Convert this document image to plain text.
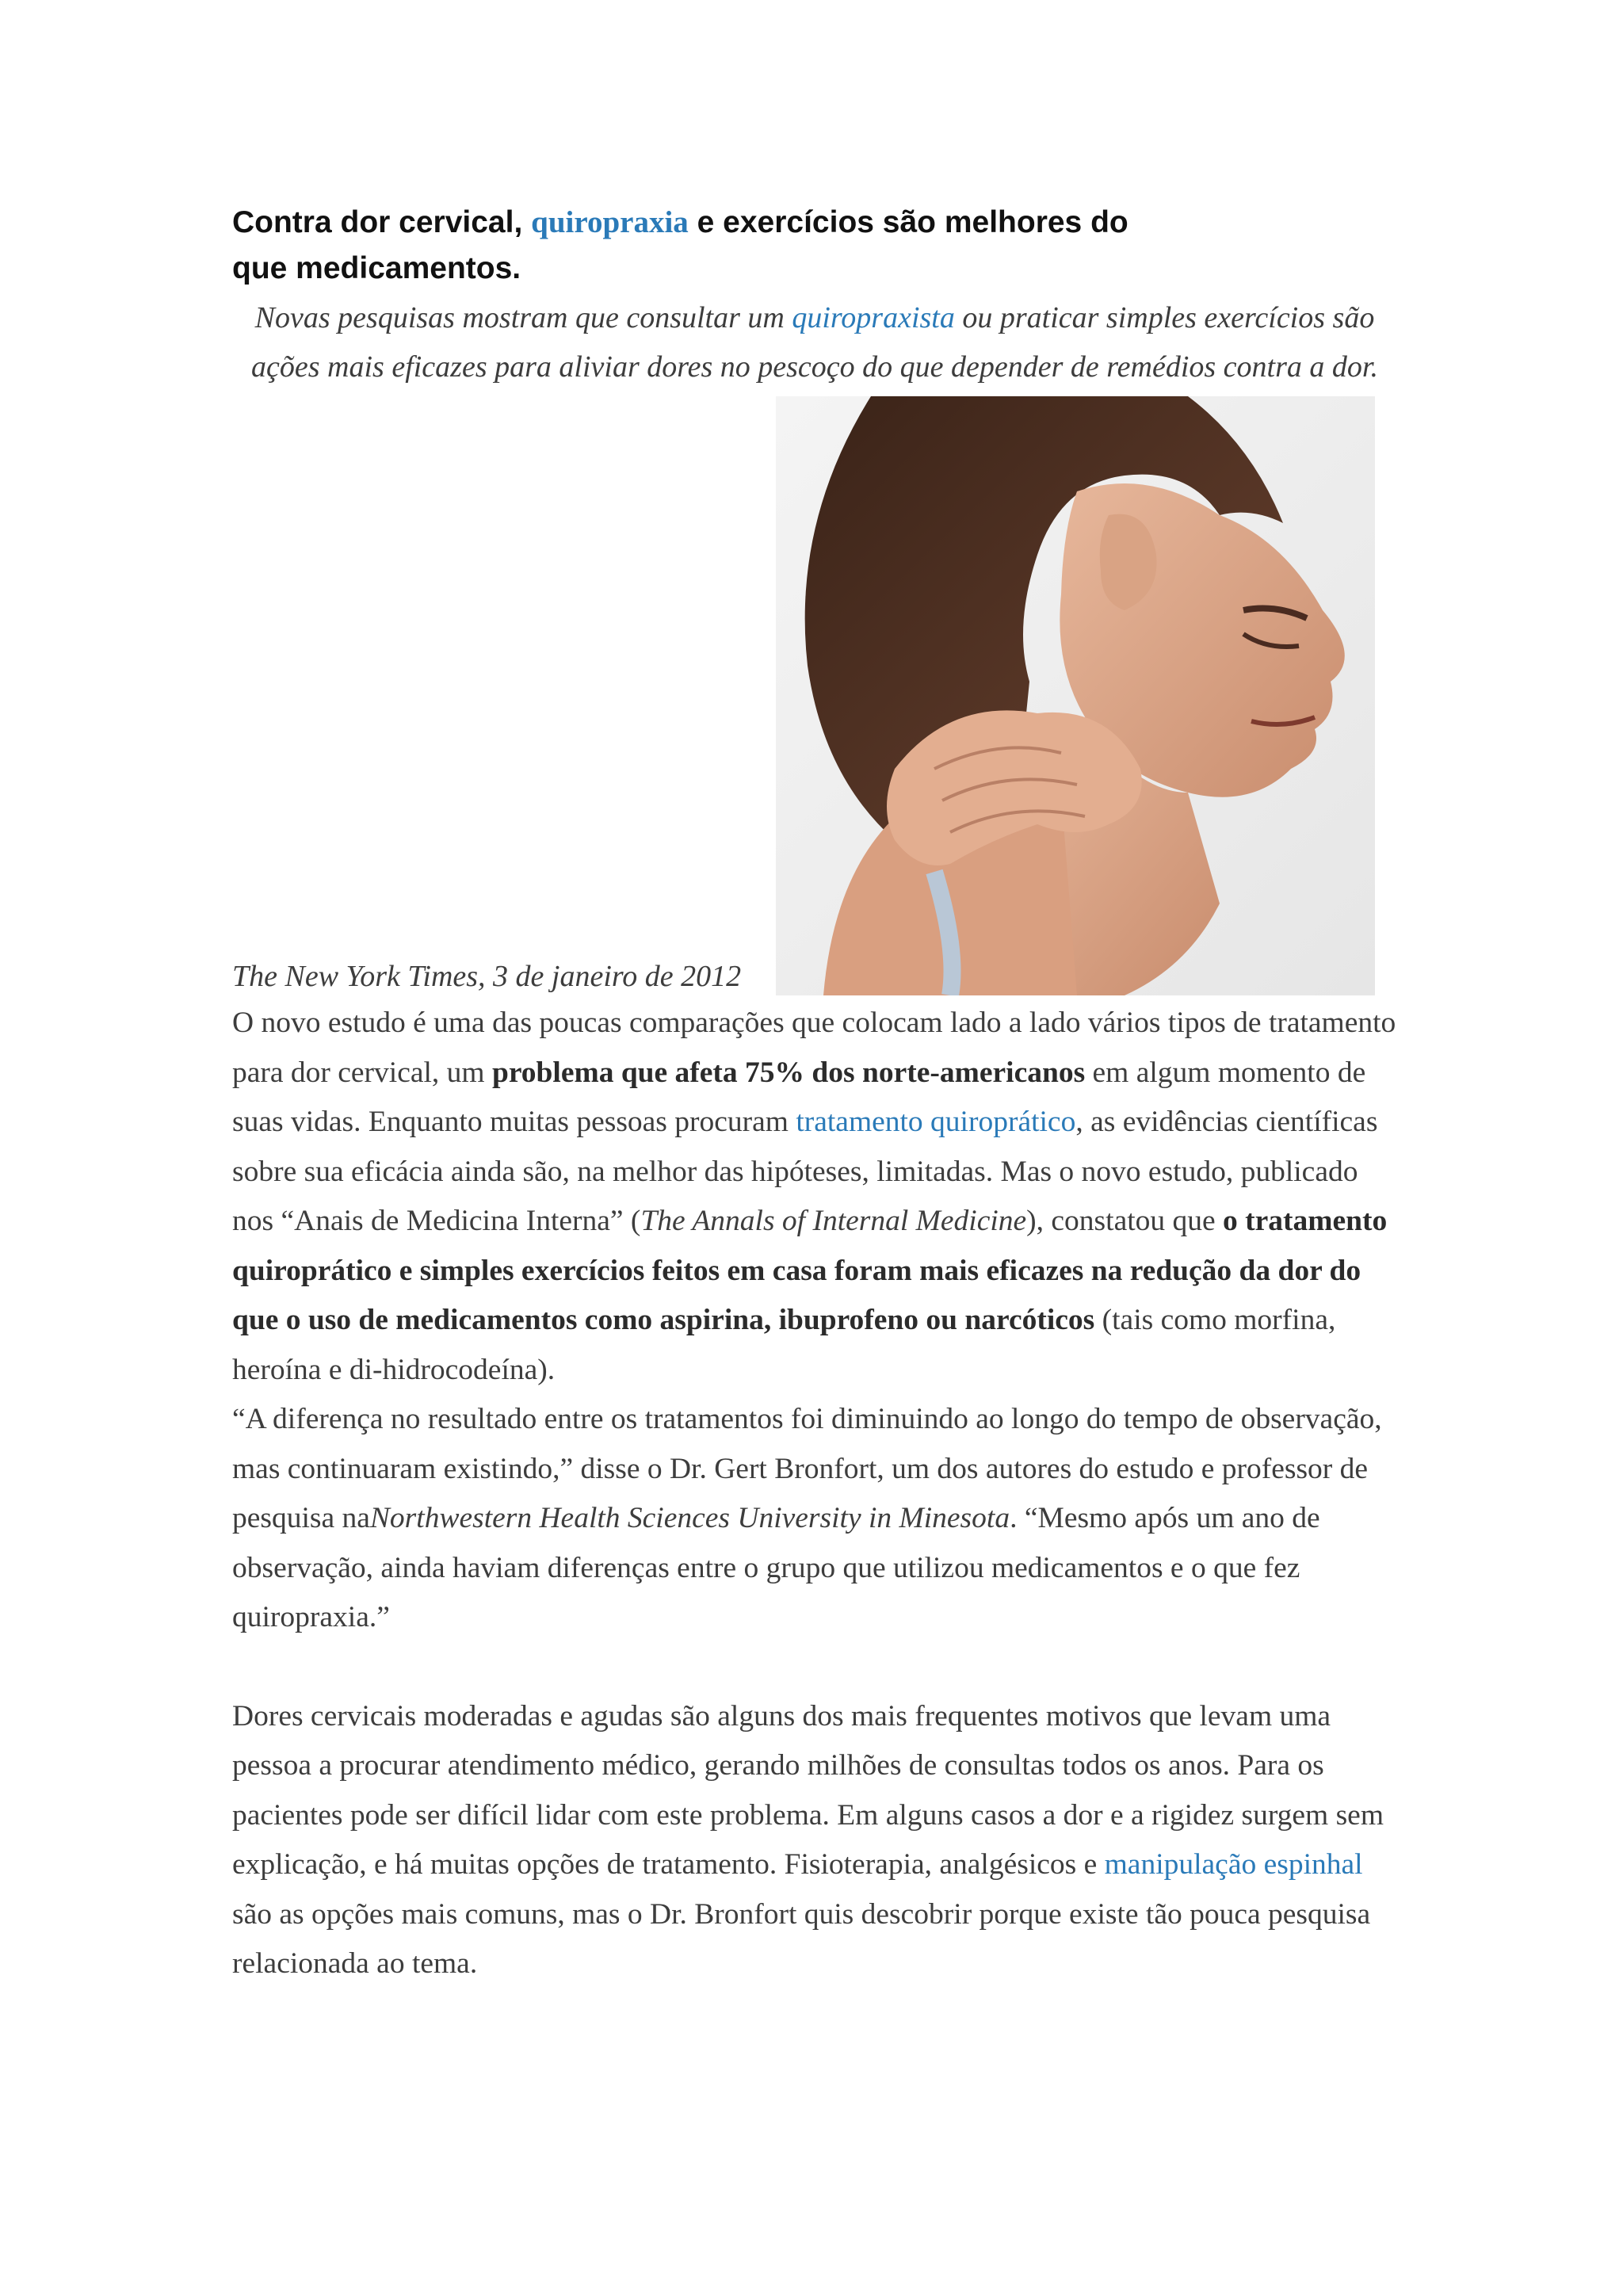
Contra dor cervical, quiropraxia e exercícios são melhores do que medicamentos.

Novas pesquisas mostram que consultar um quiropraxista ou praticar simples exercícios são ações mais eficazes para aliviar dores no pescoço do que depender de remédios contra a dor.

The New York Times, 3 de janeiro de 2012

O novo estudo é uma das poucas comparações que colocam lado a lado vários tipos de tratamento para dor cervical, um problema que afeta 75% dos norte-americanos em algum momento de suas vidas. Enquanto muitas pessoas procuram tratamento quiroprático, as evidências científicas sobre sua eficácia ainda são, na melhor das hipóteses, limitadas. Mas o novo estudo, publicado nos “Anais de Medicina Interna” (The Annals of Internal Medicine), constatou que o tratamento quiroprático e simples exercícios feitos em casa foram mais eficazes na redução da dor do que o uso de medicamentos como aspirina, ibuprofeno ou narcóticos (tais como morfina, heroína e di-hidrocodeína).

“A diferença no resultado entre os tratamentos foi diminuindo ao longo do tempo de observação, mas continuaram existindo,” disse o Dr. Gert Bronfort, um dos autores do estudo e professor de pesquisa naNorthwestern Health Sciences University in Minesota. “Mesmo após um ano de observação, ainda haviam diferenças entre o grupo que utilizou medicamentos e o que fez quiropraxia.”

Dores cervicais moderadas e agudas são alguns dos mais frequentes motivos que levam uma pessoa a procurar atendimento médico, gerando milhões de consultas todos os anos. Para os pacientes pode ser difícil lidar com este problema. Em alguns casos a dor e a rigidez surgem sem explicação, e há muitas opções de tratamento. Fisioterapia, analgésicos e manipulação espinhal são as opções mais comuns, mas o Dr. Bronfort quis descobrir porque existe tão pouca pesquisa relacionada ao tema.
